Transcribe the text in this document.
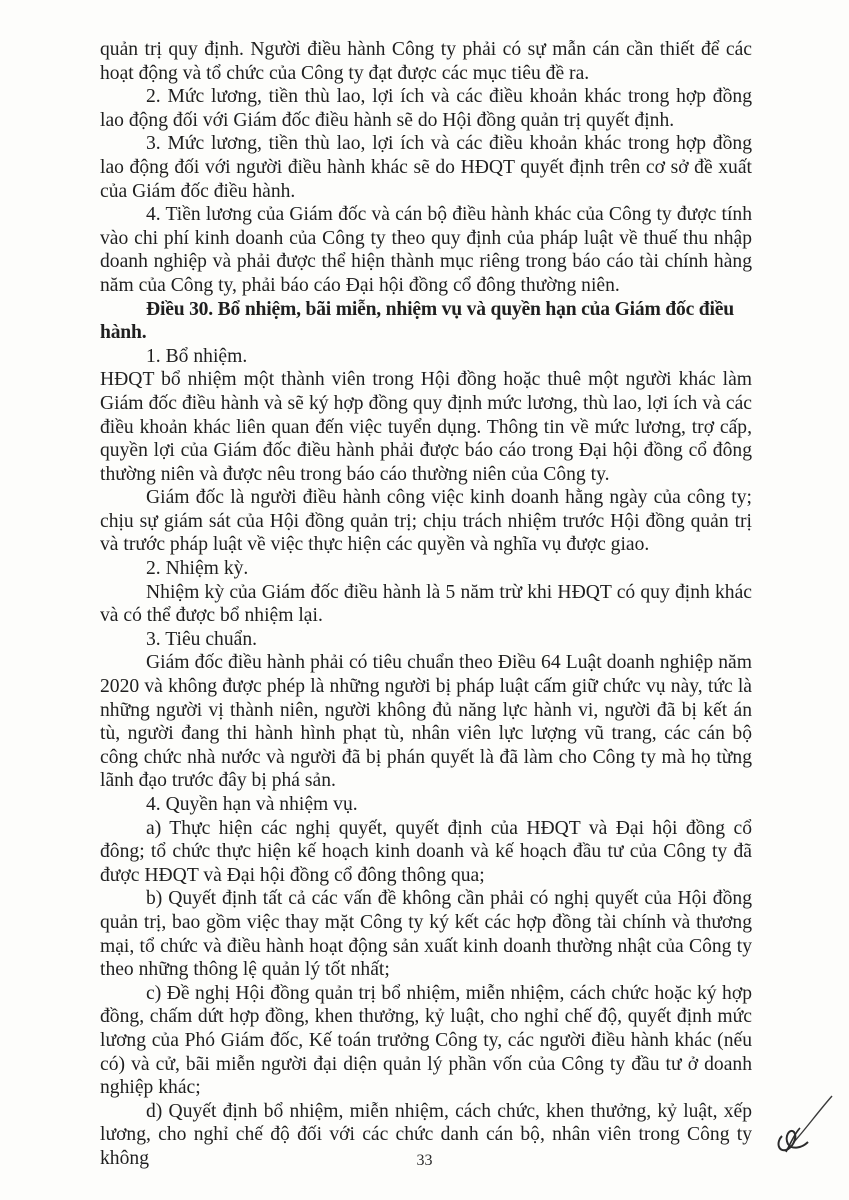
quản trị quy định. Người điều hành Công ty phải có sự mẫn cán cần thiết để các hoạt động và tổ chức của Công ty đạt được các mục tiêu đề ra.

2. Mức lương, tiền thù lao, lợi ích và các điều khoản khác trong hợp đồng lao động đối với Giám đốc điều hành sẽ do Hội đồng quản trị quyết định.

3. Mức lương, tiền thù lao, lợi ích và các điều khoản khác trong hợp đồng lao động đối với người điều hành khác sẽ do HĐQT quyết định trên cơ sở đề xuất của Giám đốc điều hành.

4. Tiền lương của Giám đốc và cán bộ điều hành khác của Công ty được tính vào chi phí kinh doanh của Công ty theo quy định của pháp luật về thuế thu nhập doanh nghiệp và phải được thể hiện thành mục riêng trong báo cáo tài chính hàng năm của Công ty, phải báo cáo Đại hội đồng cổ đông thường niên.

Điều 30. Bổ nhiệm, bãi miễn, nhiệm vụ và quyền hạn của Giám đốc điều hành.

1. Bổ nhiệm.

HĐQT bổ nhiệm một thành viên trong Hội đồng hoặc thuê một người khác làm Giám đốc điều hành và sẽ ký hợp đồng quy định mức lương, thù lao, lợi ích và các điều khoản khác liên quan đến việc tuyển dụng. Thông tin về mức lương, trợ cấp, quyền lợi của Giám đốc điều hành phải được báo cáo trong Đại hội đồng cổ đông thường niên và được nêu trong báo cáo thường niên của Công ty.

Giám đốc là người điều hành công việc kinh doanh hằng ngày của công ty; chịu sự giám sát của Hội đồng quản trị; chịu trách nhiệm trước Hội đồng quản trị và trước pháp luật về việc thực hiện các quyền và nghĩa vụ được giao.

2. Nhiệm kỳ.

Nhiệm kỳ của Giám đốc điều hành là 5 năm trừ khi HĐQT có quy định khác và có thể được bổ nhiệm lại.

3. Tiêu chuẩn.

Giám đốc điều hành phải có tiêu chuẩn theo Điều 64 Luật doanh nghiệp năm 2020 và không được phép là những người bị pháp luật cấm giữ chức vụ này, tức là những người vị thành niên, người không đủ năng lực hành vi, người đã bị kết án tù, người đang thi hành hình phạt tù, nhân viên lực lượng vũ trang, các cán bộ công chức nhà nước và người đã bị phán quyết là đã làm cho Công ty mà họ từng lãnh đạo trước đây bị phá sản.

4. Quyền hạn và nhiệm vụ.

a) Thực hiện các nghị quyết, quyết định của HĐQT và Đại hội đồng cổ đông; tổ chức thực hiện kế hoạch kinh doanh và kế hoạch đầu tư của Công ty đã được HĐQT và Đại hội đồng cổ đông thông qua;

b) Quyết định tất cả các vấn đề không cần phải có nghị quyết của Hội đồng quản trị, bao gồm việc thay mặt Công ty ký kết các hợp đồng tài chính và thương mại, tổ chức và điều hành hoạt động sản xuất kinh doanh thường nhật của Công ty theo những thông lệ quản lý tốt nhất;

c) Đề nghị Hội đồng quản trị bổ nhiệm, miễn nhiệm, cách chức hoặc ký hợp đồng, chấm dứt hợp đồng, khen thưởng, kỷ luật, cho nghỉ chế độ, quyết định mức lương của Phó Giám đốc, Kế toán trưởng Công ty, các người điều hành khác (nếu có) và cử, bãi miễn người đại diện quản lý phần vốn của Công ty đầu tư ở doanh nghiệp khác;

d) Quyết định bổ nhiệm, miễn nhiệm, cách chức, khen thưởng, kỷ luật, xếp lương, cho nghỉ chế độ đối với các chức danh cán bộ, nhân viên trong Công ty không	33
